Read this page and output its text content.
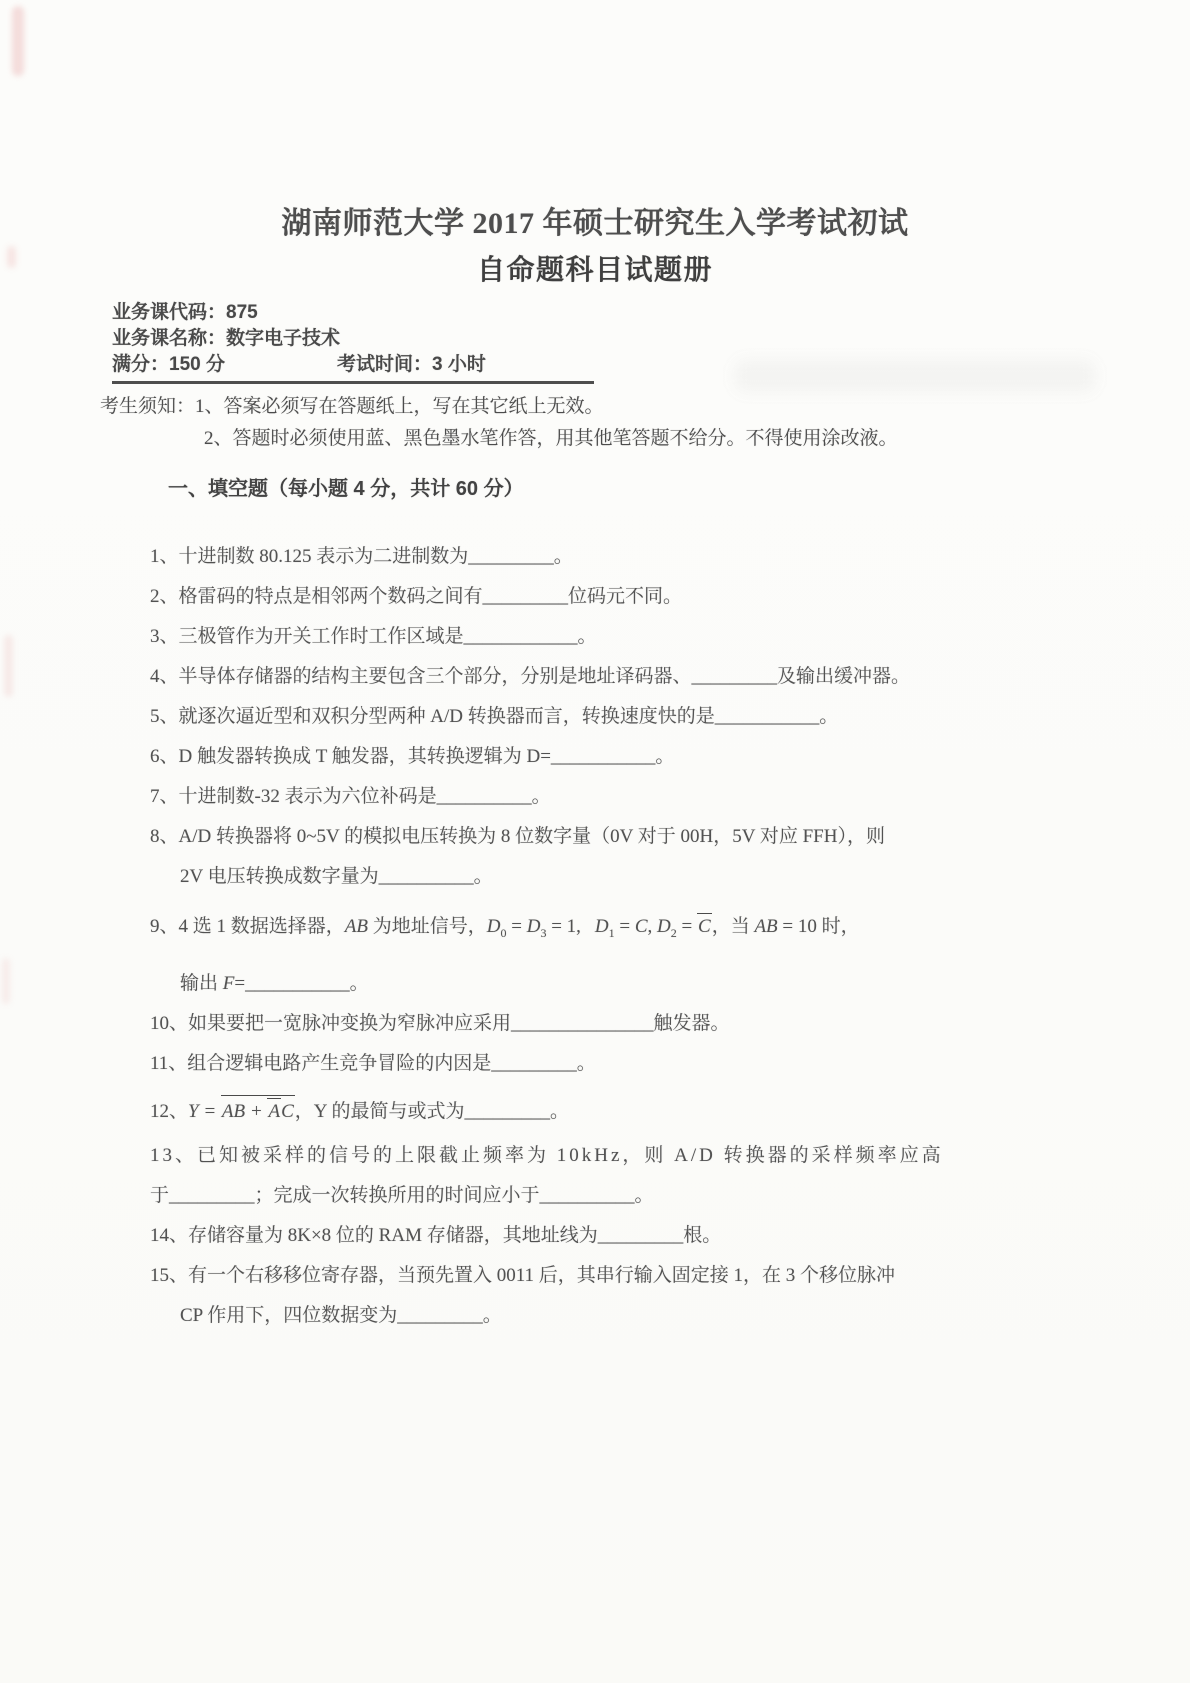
湖南师范大学 2017 年硕士研究生入学考试初试
自命题科目试题册
业务课代码：875
业务课名称：数字电子技术
满分：150 分	考试时间：3 小时
考生须知：1、答案必须写在答题纸上，写在其它纸上无效。
2、答题时必须使用蓝、黑色墨水笔作答，用其他笔答题不给分。不得使用涂改液。
一、填空题（每小题 4 分，共计 60 分）
1、十进制数 80.125 表示为二进制数为_________。
2、格雷码的特点是相邻两个数码之间有_________位码元不同。
3、三极管作为开关工作时工作区域是____________。
4、半导体存储器的结构主要包含三个部分，分别是地址译码器、_________及输出缓冲器。
5、就逐次逼近型和双积分型两种 A/D 转换器而言，转换速度快的是___________。
6、D 触发器转换成 T 触发器，其转换逻辑为 D=___________。
7、十进制数-32 表示为六位补码是__________。
8、A/D 转换器将 0~5V 的模拟电压转换为 8 位数字量（0V 对于 00H，5V 对应 FFH），则
2V 电压转换成数字量为__________。
9、4 选 1 数据选择器，AB 为地址信号，$D_0 = D_3 = 1$, $D_1 = C$, $D_2 = C$，当 AB = 10 时，
输出 F=___________。
10、如果要把一宽脉冲变换为窄脉冲应采用_______________触发器。
11、组合逻辑电路产生竞争冒险的内因是_________。
12、Y = AB + AC，Y 的最简与或式为_________。
13、已知被采样的信号的上限截止频率为 10kHz，则 A/D 转换器的采样频率应高
于_________；完成一次转换所用的时间应小于__________。
14、存储容量为 8K×8 位的 RAM 存储器，其地址线为_________根。
15、有一个右移移位寄存器，当预先置入 0011 后，其串行输入固定接 1，在 3 个移位脉冲
CP 作用下，四位数据变为_________。
